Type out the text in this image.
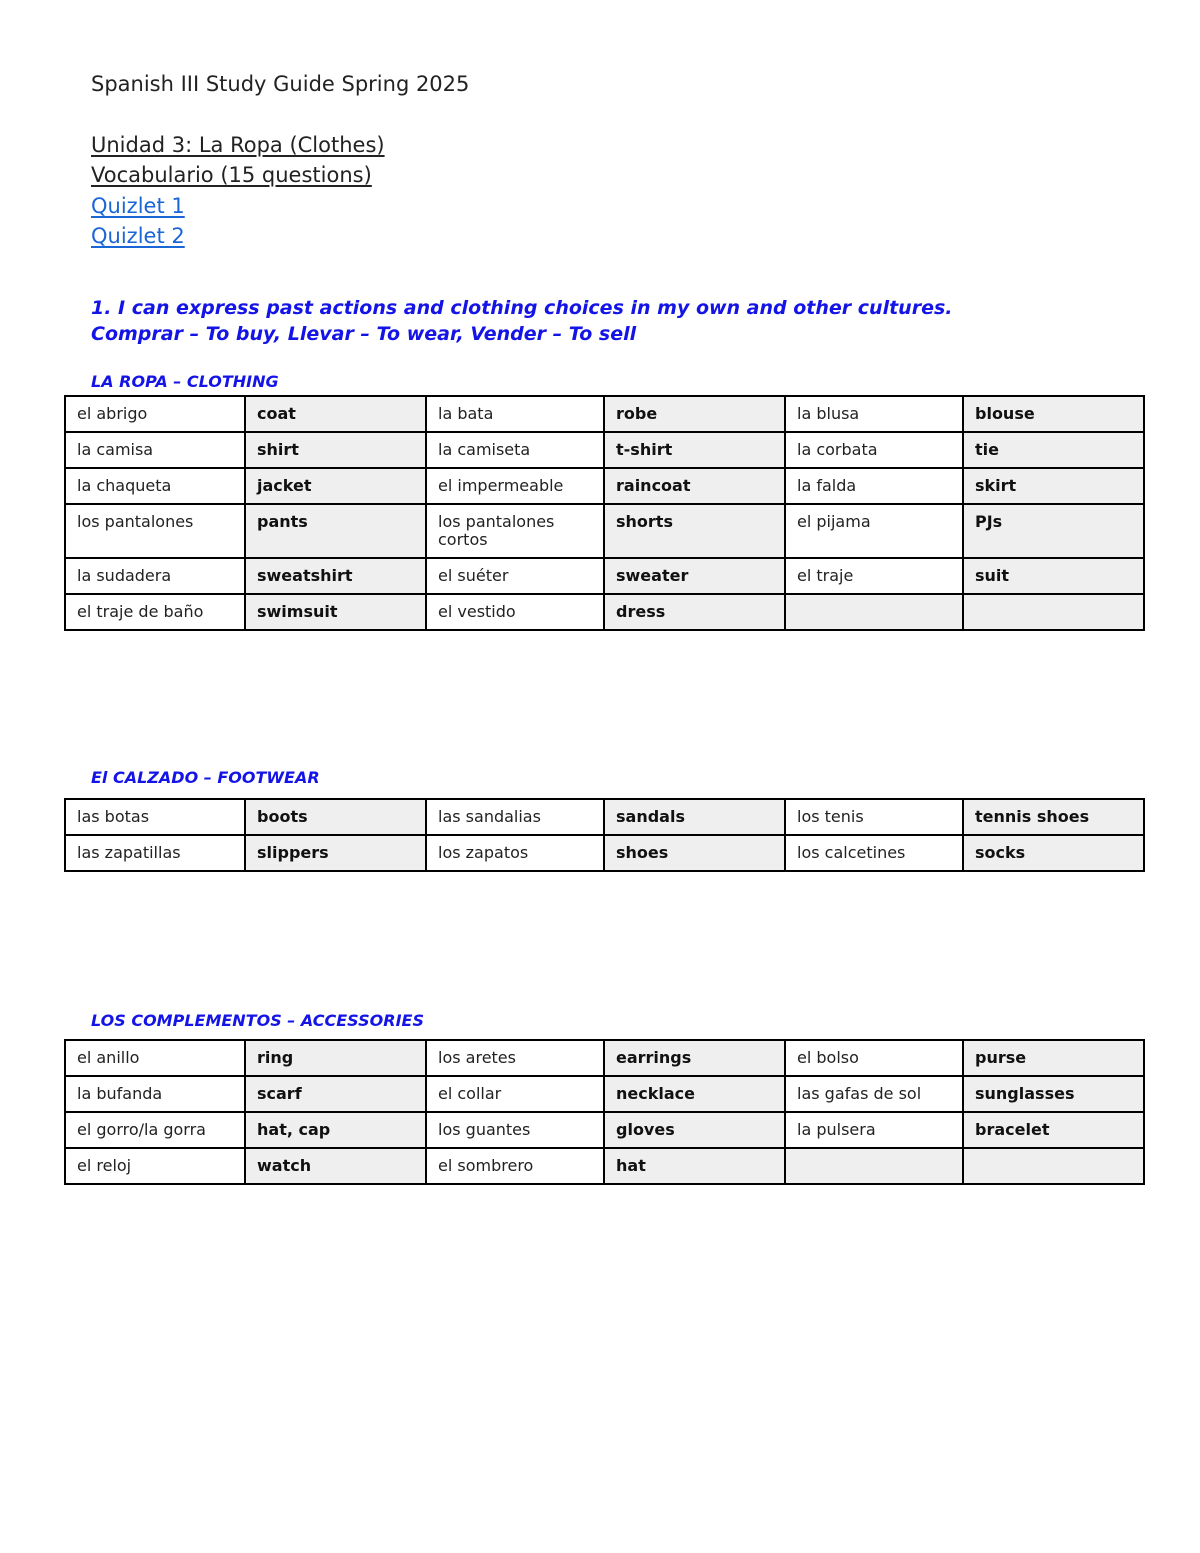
Spanish III Study Guide Spring 2025

Unidad 3: La Ropa (Clothes)

Vocabulario (15 questions)

Quizlet 1

Quizlet 2

1. I can express past actions and clothing choices in my own and other cultures.

Comprar – To buy, Llevar – To wear, Vender – To sell

LA ROPA – CLOTHING

el abrigo	coat	la bata	robe	la blusa	blouse
la camisa	shirt	la camiseta	t-shirt	la corbata	tie
la chaqueta	jacket	el impermeable	raincoat	la falda	skirt
los pantalones	pants	los pantalones cortos	shorts	el pijama	PJs
la sudadera	sweatshirt	el suéter	sweater	el traje	suit
el traje de baño	swimsuit	el vestido	dress		

El CALZADO – FOOTWEAR

las botas	boots	las sandalias	sandals	los tenis	tennis shoes
las zapatillas	slippers	los zapatos	shoes	los calcetines	socks

LOS COMPLEMENTOS – ACCESSORIES

el anillo	ring	los aretes	earrings	el bolso	purse
la bufanda	scarf	el collar	necklace	las gafas de sol	sunglasses
el gorro/la gorra	hat, cap	los guantes	gloves	la pulsera	bracelet
el reloj	watch	el sombrero	hat		
